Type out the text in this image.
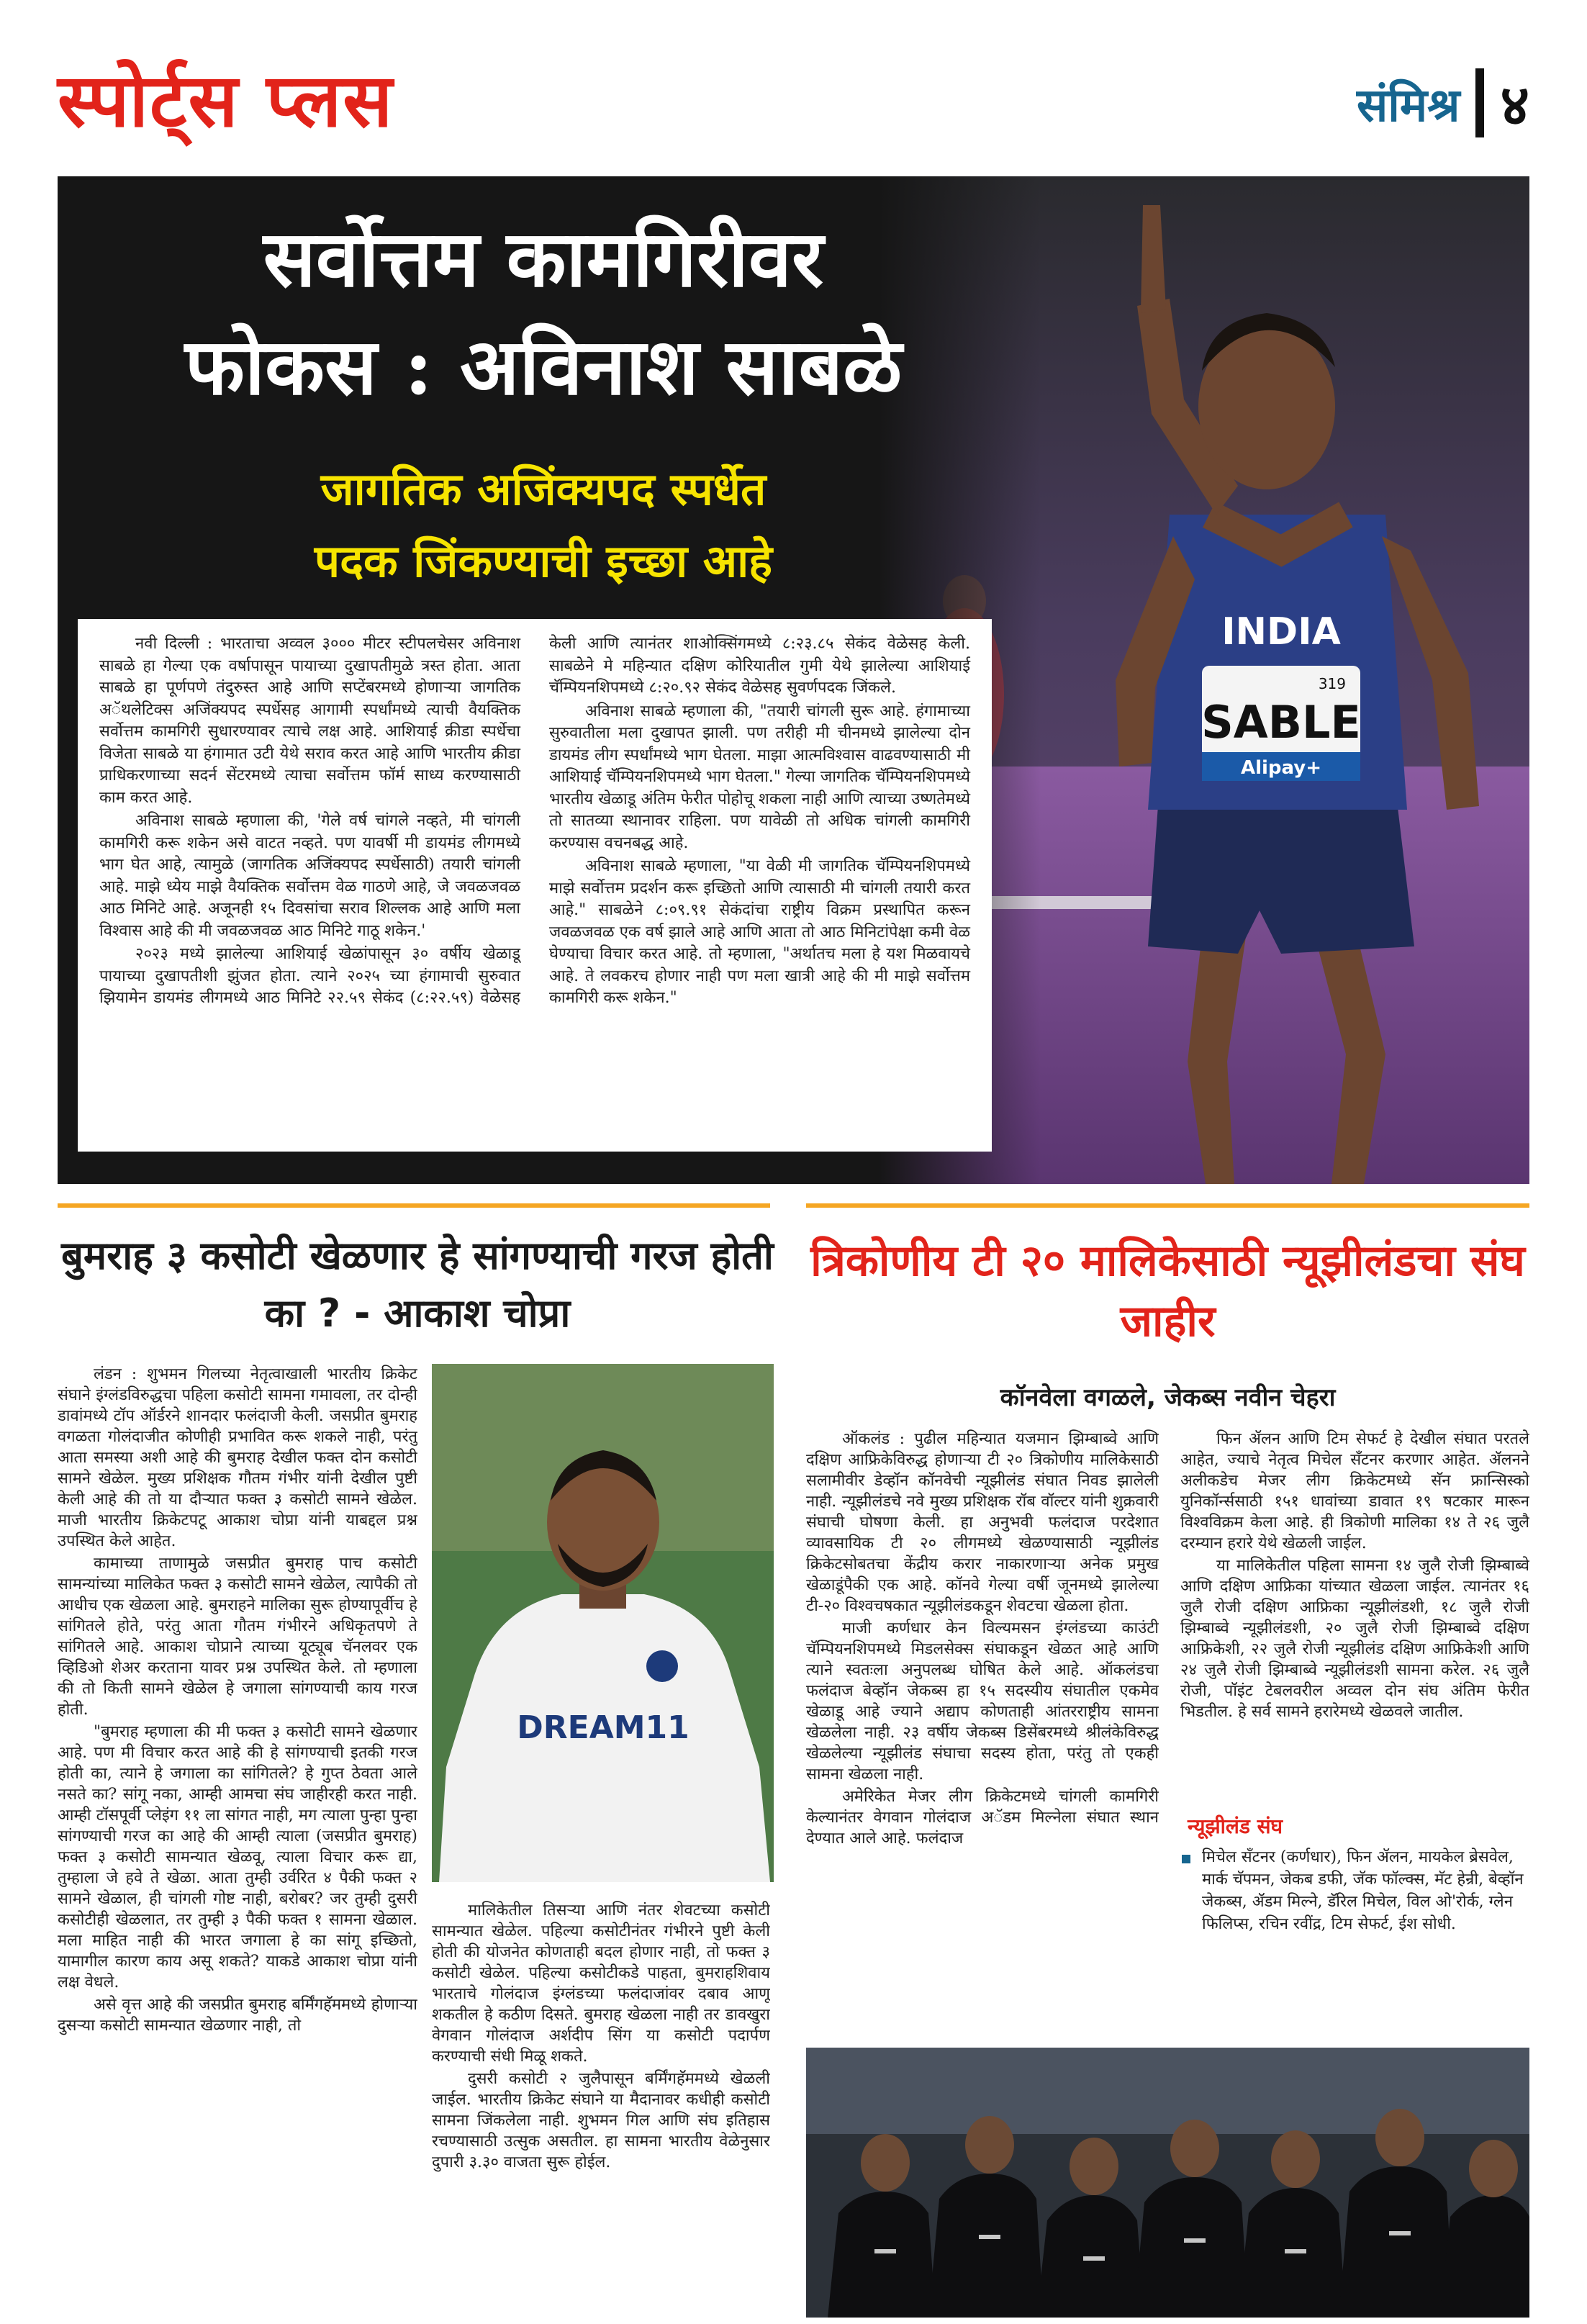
स्पोर्ट्स प्लस	संमिश्र ४
सर्वोत्तम कामगिरीवर
फोकस : अविनाश साबळे
जागतिक अजिंक्यपद स्पर्धेत
पदक जिंकण्याची इच्छा आहे

नवी दिल्ली : भारताचा अव्वल ३००० मीटर स्टीपलचेसर अविनाश साबळे हा गेल्या एक वर्षापासून पायाच्या दुखापतीमुळे त्रस्त होता. आता साबळे हा पूर्णपणे तंदुरुस्त आहे आणि सप्टेंबरमध्ये होणाऱ्या जागतिक अॅथलेटिक्स अजिंक्यपद स्पर्धेसह आगामी स्पर्धांमध्ये त्याची वैयक्तिक सर्वोत्तम कामगिरी सुधारण्यावर त्याचे लक्ष आहे. आशियाई क्रीडा स्पर्धेचा विजेता साबळे या हंगामात उटी येथे सराव करत आहे आणि भारतीय क्रीडा प्राधिकरणाच्या सदर्न सेंटरमध्ये त्याचा सर्वोत्तम फॉर्म साध्य करण्यासाठी काम करत आहे.

अविनाश साबळे म्हणाला की, 'गेले वर्ष चांगले नव्हते, मी चांगली कामगिरी करू शकेन असे वाटत नव्हते. पण यावर्षी मी डायमंड लीगमध्ये भाग घेत आहे, त्यामुळे (जागतिक अजिंक्यपद स्पर्धेसाठी) तयारी चांगली आहे. माझे ध्येय माझे वैयक्तिक सर्वोत्तम वेळ गाठणे आहे, जे जवळजवळ आठ मिनिटे आहे. अजूनही १५ दिवसांचा सराव शिल्लक आहे आणि मला विश्वास आहे की मी जवळजवळ आठ मिनिटे गाठू शकेन.'

२०२३ मध्ये झालेल्या आशियाई खेळांपासून ३० वर्षीय खेळाडू पायाच्या दुखापतीशी झुंजत होता. त्याने २०२५ च्या हंगामाची सुरुवात झियामेन डायमंड लीगमध्ये आठ मिनिटे २२.५९ सेकंद (८:२२.५९) वेळेसह केली आणि त्यानंतर शाओक्सिंगमध्ये ८:२३.८५ सेकंद वेळेसह केली. साबळेने मे महिन्यात दक्षिण कोरियातील गुमी येथे झालेल्या आशियाई चॅम्पियनशिपमध्ये ८:२०.९२ सेकंद वेळेसह सुवर्णपदक जिंकले.

अविनाश साबळे म्हणाला की, "तयारी चांगली सुरू आहे. हंगामाच्या सुरुवातीला मला दुखापत झाली. पण तरीही मी चीनमध्ये झालेल्या दोन डायमंड लीग स्पर्धांमध्ये भाग घेतला. माझा आत्मविश्वास वाढवण्यासाठी मी आशियाई चॅम्पियनशिपमध्ये भाग घेतला." गेल्या जागतिक चॅम्पियनशिपमध्ये भारतीय खेळाडू अंतिम फेरीत पोहोचू शकला नाही आणि त्याच्या उष्णतेमध्ये तो सातव्या स्थानावर राहिला. पण यावेळी तो अधिक चांगली कामगिरी करण्यास वचनबद्ध आहे.

अविनाश साबळे म्हणाला, "या वेळी मी जागतिक चॅम्पियनशिपमध्ये माझे सर्वोत्तम प्रदर्शन करू इच्छितो आणि त्यासाठी मी चांगली तयारी करत आहे." साबळेने ८:०९.९१ सेकंदांचा राष्ट्रीय विक्रम प्रस्थापित करून जवळजवळ एक वर्ष झाले आहे आणि आता तो आठ मिनिटांपेक्षा कमी वेळ घेण्याचा विचार करत आहे. तो म्हणाला, "अर्थातच मला हे यश मिळवायचे आहे. ते लवकरच होणार नाही पण मला खात्री आहे की मी माझे सर्वोत्तम कामगिरी करू शकेन."

बुमराह ३ कसोटी खेळणार हे सांगण्याची गरज होती का ? - आकाश चोप्रा

लंडन : शुभमन गिलच्या नेतृत्वाखाली भारतीय क्रिकेट संघाने इंग्लंडविरुद्धचा पहिला कसोटी सामना गमावला, तर दोन्ही डावांमध्ये टॉप ऑर्डरने शानदार फलंदाजी केली. जसप्रीत बुमराह वगळता गोलंदाजीत कोणीही प्रभावित करू शकले नाही, परंतु आता समस्या अशी आहे की बुमराह देखील फक्त दोन कसोटी सामने खेळेल. मुख्य प्रशिक्षक गौतम गंभीर यांनी देखील पुष्टी केली आहे की तो या दौऱ्यात फक्त ३ कसोटी सामने खेळेल. माजी भारतीय क्रिकेटपटू आकाश चोप्रा यांनी याबद्दल प्रश्न उपस्थित केले आहेत.

कामाच्या ताणामुळे जसप्रीत बुमराह पाच कसोटी सामन्यांच्या मालिकेत फक्त ३ कसोटी सामने खेळेल, त्यापैकी तो आधीच एक खेळला आहे. बुमराहने मालिका सुरू होण्यापूर्वीच हे सांगितले होते, परंतु आता गौतम गंभीरने अधिकृतपणे ते सांगितले आहे. आकाश चोप्राने त्याच्या यूट्यूब चॅनलवर एक व्हिडिओ शेअर करताना यावर प्रश्न उपस्थित केले. तो म्हणाला की तो किती सामने खेळेल हे जगाला सांगण्याची काय गरज होती.

"बुमराह म्हणाला की मी फक्त ३ कसोटी सामने खेळणार आहे. पण मी विचार करत आहे की हे सांगण्याची इतकी गरज होती का, त्याने हे जगाला का सांगितले? हे गुप्त ठेवता आले नसते का? सांगू नका, आम्ही आमचा संघ जाहीरही करत नाही. आम्ही टॉसपूर्वी प्लेइंग ११ ला सांगत नाही, मग त्याला पुन्हा पुन्हा सांगण्याची गरज का आहे की आम्ही त्याला (जसप्रीत बुमराह) फक्त ३ कसोटी सामन्यात खेळवू, त्याला विचार करू द्या, तुम्हाला जे हवे ते खेळा. आता तुम्ही उर्वरित ४ पैकी फक्त २ सामने खेळाल, ही चांगली गोष्ट नाही, बरोबर? जर तुम्ही दुसरी कसोटीही खेळलात, तर तुम्ही ३ पैकी फक्त १ सामना खेळाल. मला माहित नाही की भारत जगाला हे का सांगू इच्छितो, यामागील कारण काय असू शकते? याकडे आकाश चोप्रा यांनी लक्ष वेधले.

असे वृत्त आहे की जसप्रीत बुमराह बर्मिंगहॅममध्ये होणाऱ्या दुसऱ्या कसोटी सामन्यात खेळणार नाही, तो

DREAM11

मालिकेतील तिसऱ्या आणि नंतर शेवटच्या कसोटी सामन्यात खेळेल. पहिल्या कसोटीनंतर गंभीरने पुष्टी केली होती की योजनेत कोणताही बदल होणार नाही, तो फक्त ३ कसोटी खेळेल. पहिल्या कसोटीकडे पाहता, बुमराहशिवाय भारताचे गोलंदाज इंग्लंडच्या फलंदाजांवर दबाव आणू शकतील हे कठीण दिसते. बुमराह खेळला नाही तर डावखुरा वेगवान गोलंदाज अर्शदीप सिंग या कसोटी पदार्पण करण्याची संधी मिळू शकते.

दुसरी कसोटी २ जुलैपासून बर्मिंगहॅममध्ये खेळली जाईल. भारतीय क्रिकेट संघाने या मैदानावर कधीही कसोटी सामना जिंकलेला नाही. शुभमन गिल आणि संघ इतिहास रचण्यासाठी उत्सुक असतील. हा सामना भारतीय वेळेनुसार दुपारी ३.३० वाजता सुरू होईल.

त्रिकोणीय टी २० मालिकेसाठी न्यूझीलंडचा संघ जाहीर
कॉनवेला वगळले, जेकब्स नवीन चेहरा

ऑकलंड : पुढील महिन्यात यजमान झिम्बाब्वे आणि दक्षिण आफ्रिकेविरुद्ध होणाऱ्या टी २० त्रिकोणीय मालिकेसाठी सलामीवीर डेव्हॉन कॉनवेची न्यूझीलंड संघात निवड झालेली नाही. न्यूझीलंडचे नवे मुख्य प्रशिक्षक रॉब वॉल्टर यांनी शुक्रवारी संघाची घोषणा केली. हा अनुभवी फलंदाज परदेशात व्यावसायिक टी २० लीगमध्ये खेळण्यासाठी न्यूझीलंड क्रिकेटसोबतचा केंद्रीय करार नाकारणाऱ्या अनेक प्रमुख खेळाडूंपैकी एक आहे. कॉनवे गेल्या वर्षी जूनमध्ये झालेल्या टी-२० विश्वचषकात न्यूझीलंडकडून शेवटचा खेळला होता.

माजी कर्णधार केन विल्यमसन इंग्लंडच्या काउंटी चॅम्पियनशिपमध्ये मिडलसेक्स संघाकडून खेळत आहे आणि त्याने स्वतःला अनुपलब्ध घोषित केले आहे. ऑकलंडचा फलंदाज बेव्हॉन जेकब्स हा १५ सदस्यीय संघातील एकमेव खेळाडू आहे ज्याने अद्याप कोणताही आंतरराष्ट्रीय सामना खेळलेला नाही. २३ वर्षीय जेकब्स डिसेंबरमध्ये श्रीलंकेविरुद्ध खेळलेल्या न्यूझीलंड संघाचा सदस्य होता, परंतु तो एकही सामना खेळला नाही.

अमेरिकेत मेजर लीग क्रिकेटमध्ये चांगली कामगिरी केल्यानंतर वेगवान गोलंदाज अॅडम मिल्नेला संघात स्थान देण्यात आले आहे. फलंदाज

फिन ॲलन आणि टिम सेफर्ट हे देखील संघात परतले आहेत, ज्याचे नेतृत्व मिचेल सँटनर करणार आहेत. ॲलनने अलीकडेच मेजर लीग क्रिकेटमध्ये सॅन फ्रान्सिस्को युनिकॉर्न्ससाठी १५१ धावांच्या डावात १९ षटकार मारून विश्वविक्रम केला आहे. ही त्रिकोणी मालिका १४ ते २६ जुलै दरम्यान हरारे येथे खेळली जाईल.

या मालिकेतील पहिला सामना १४ जुलै रोजी झिम्बाब्वे आणि दक्षिण आफ्रिका यांच्यात खेळला जाईल. त्यानंतर १६ जुलै रोजी दक्षिण आफ्रिका न्यूझीलंडशी, १८ जुलै रोजी झिम्बाब्वे न्यूझीलंडशी, २० जुलै रोजी झिम्बाब्वे दक्षिण आफ्रिकेशी, २२ जुलै रोजी न्यूझीलंड दक्षिण आफ्रिकेशी आणि २४ जुलै रोजी झिम्बाब्वे न्यूझीलंडशी सामना करेल. २६ जुलै रोजी, पॉइंट टेबलवरील अव्वल दोन संघ अंतिम फेरीत भिडतील. हे सर्व सामने हरारेमध्ये खेळवले जातील.

न्यूझीलंड संघ
मिचेल सँटनर (कर्णधार), फिन ॲलन, मायकेल ब्रेसवेल, मार्क चॅपमन, जेकब डफी, जॅक फॉल्क्स, मॅट हेन्री, बेव्हॉन जेकब्स, ॲडम मिल्ने, डॅरिल मिचेल, विल ओ'रोर्क, ग्लेन फिलिप्स, रचिन रवींद्र, टिम सेफर्ट, ईश सोधी.
